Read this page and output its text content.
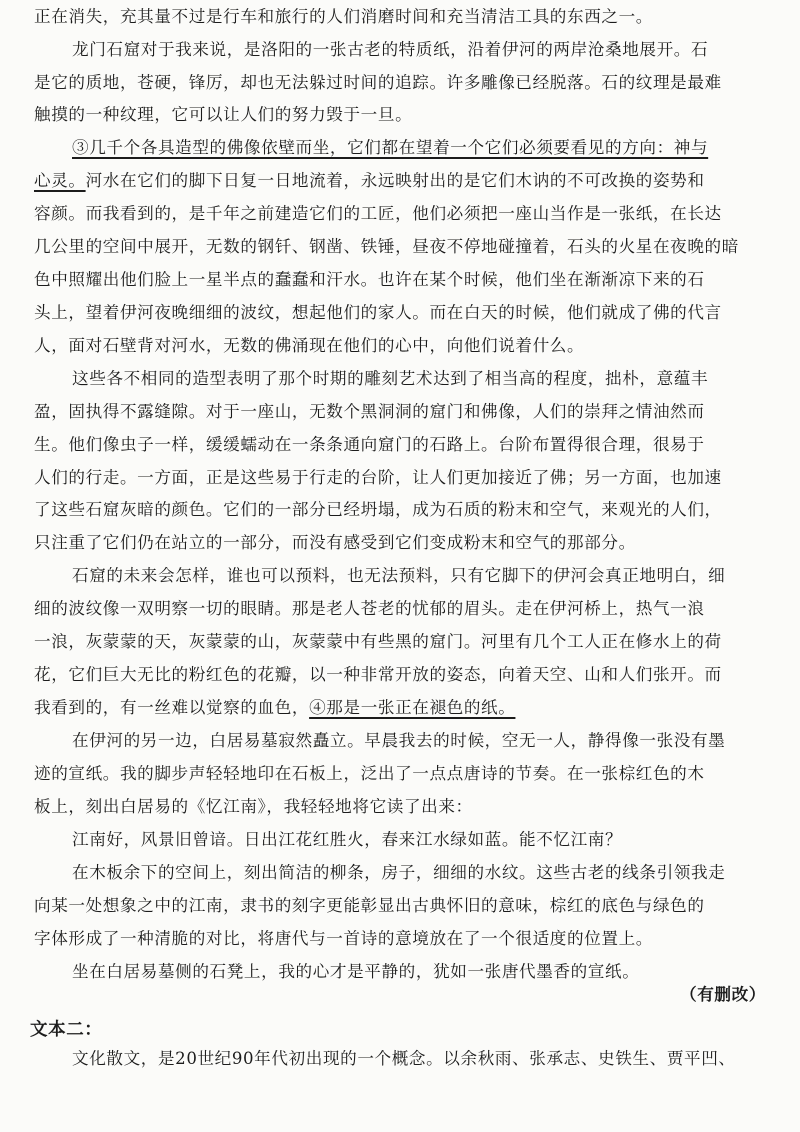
正在消失，充其量不过是行车和旅行的人们消磨时间和充当清洁工具的东西之一。
龙门石窟对于我来说，是洛阳的一张古老的特质纸，沿着伊河的两岸沧桑地展开。石
是它的质地，苍硬，锋厉，却也无法躲过时间的追踪。许多雕像已经脱落。石的纹理是最难
触摸的一种纹理，它可以让人们的努力毁于一旦。
③几千个各具造型的佛像依壁而坐，它们都在望着一个它们必须要看见的方向：神与
心灵。河水在它们的脚下日复一日地流着，永远映射出的是它们木讷的不可改换的姿势和
容颜。而我看到的，是千年之前建造它们的工匠，他们必须把一座山当作是一张纸，在长达
几公里的空间中展开，无数的钢钎、钢凿、铁锤，昼夜不停地碰撞着，石头的火星在夜晚的暗
色中照耀出他们脸上一星半点的蠢蠢和汗水。也许在某个时候，他们坐在渐渐凉下来的石
头上，望着伊河夜晚细细的波纹，想起他们的家人。而在白天的时候，他们就成了佛的代言
人，面对石壁背对河水，无数的佛涌现在他们的心中，向他们说着什么。
这些各不相同的造型表明了那个时期的雕刻艺术达到了相当高的程度，拙朴，意蕴丰
盈，固执得不露缝隙。对于一座山，无数个黑洞洞的窟门和佛像，人们的崇拜之情油然而
生。他们像虫子一样，缓缓蠕动在一条条通向窟门的石路上。台阶布置得很合理，很易于
人们的行走。一方面，正是这些易于行走的台阶，让人们更加接近了佛；另一方面，也加速
了这些石窟灰暗的颜色。它们的一部分已经坍塌，成为石质的粉末和空气，来观光的人们，
只注重了它们仍在站立的一部分，而没有感受到它们变成粉末和空气的那部分。
石窟的未来会怎样，谁也可以预料，也无法预料，只有它脚下的伊河会真正地明白，细
细的波纹像一双明察一切的眼睛。那是老人苍老的忧郁的眉头。走在伊河桥上，热气一浪
一浪，灰蒙蒙的天，灰蒙蒙的山，灰蒙蒙中有些黑的窟门。河里有几个工人正在修水上的荷
花，它们巨大无比的粉红色的花瓣，以一种非常开放的姿态，向着天空、山和人们张开。而
我看到的，有一丝难以觉察的血色，④那是一张正在褪色的纸。
在伊河的另一边，白居易墓寂然矗立。早晨我去的时候，空无一人，静得像一张没有墨
迹的宣纸。我的脚步声轻轻地印在石板上，泛出了一点点唐诗的节奏。在一张棕红色的木
板上，刻出白居易的《忆江南》，我轻轻地将它读了出来：
江南好，风景旧曾谙。日出江花红胜火，春来江水绿如蓝。能不忆江南？
在木板余下的空间上，刻出简洁的柳条，房子，细细的水纹。这些古老的线条引领我走
向某一处想象之中的江南，隶书的刻字更能彰显出古典怀旧的意味，棕红的底色与绿色的
字体形成了一种清脆的对比，将唐代与一首诗的意境放在了一个很适度的位置上。
坐在白居易墓侧的石凳上，我的心才是平静的，犹如一张唐代墨香的宣纸。
（有删改）
文本二：
文化散文，是20世纪90年代初出现的一个概念。以余秋雨、张承志、史铁生、贾平凹、
